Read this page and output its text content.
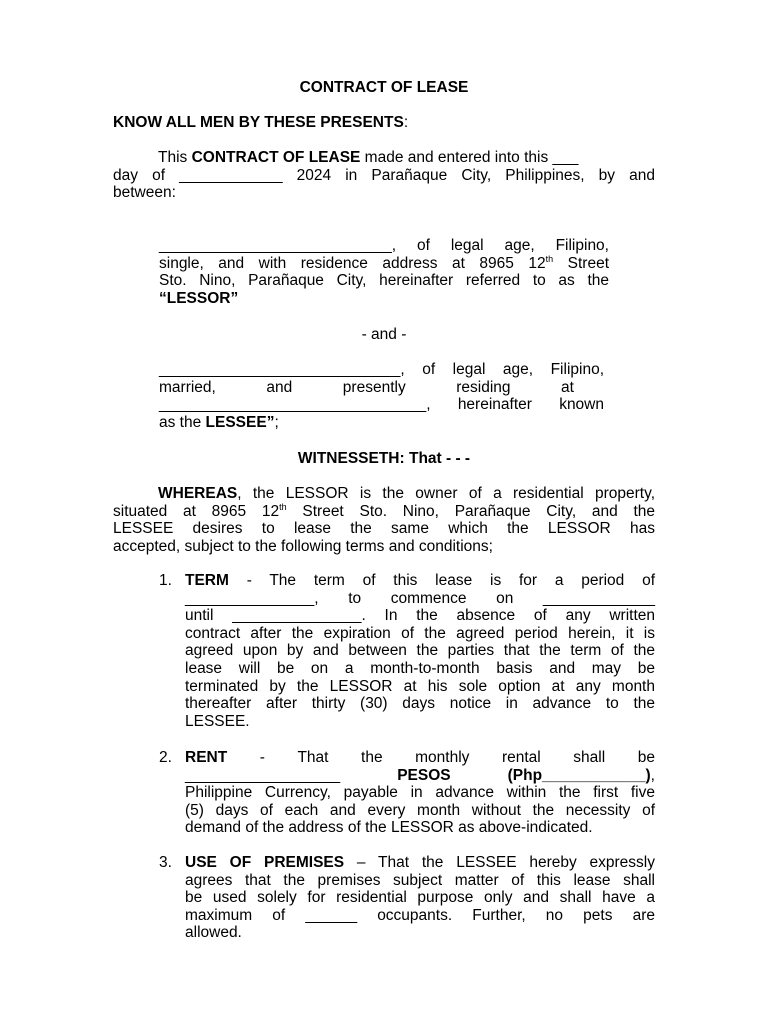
CONTRACT OF LEASE
KNOW ALL MEN BY THESE PRESENTS:
This CONTRACT OF LEASE made and entered into this ___
day of ____________ 2024 in Parañaque City, Philippines, by and
between:
___________________________, of legal age, Filipino,
single, and with residence address at 8965 12th Street
Sto. Nino, Parañaque City, hereinafter referred to as the
“LESSOR”
- and -
____________________________, of legal age, Filipino,
married,	and	presently	residing	at
_______________________________, hereinafter known
as the LESSEE”;
WITNESSETH: That - - -
WHEREAS, the LESSOR is the owner of a residential property,
situated at 8965 12th Street Sto. Nino, Parañaque City, and the
LESSEE desires to lease the same which the LESSOR has
accepted, subject to the following terms and conditions;
1. TERM - The term of this lease is for a period of
_______________, to commence on _____________
until _______________. In the absence of any written
contract after the expiration of the agreed period herein, it is
agreed upon by and between the parties that the term of the
lease will be on a month-to-month basis and may be
terminated by the LESSOR at his sole option at any month
thereafter after thirty (30) days notice in advance to the
LESSEE.
2. RENT - That the monthly rental shall be
__________________	PESOS	(Php____________),
Philippine Currency, payable in advance within the first five
(5) days of each and every month without the necessity of
demand of the address of the LESSOR as above-indicated.
3. USE OF PREMISES – That the LESSEE hereby expressly
agrees that the premises subject matter of this lease shall
be used solely for residential purpose only and shall have a
maximum of ______ occupants. Further, no pets are
allowed.
